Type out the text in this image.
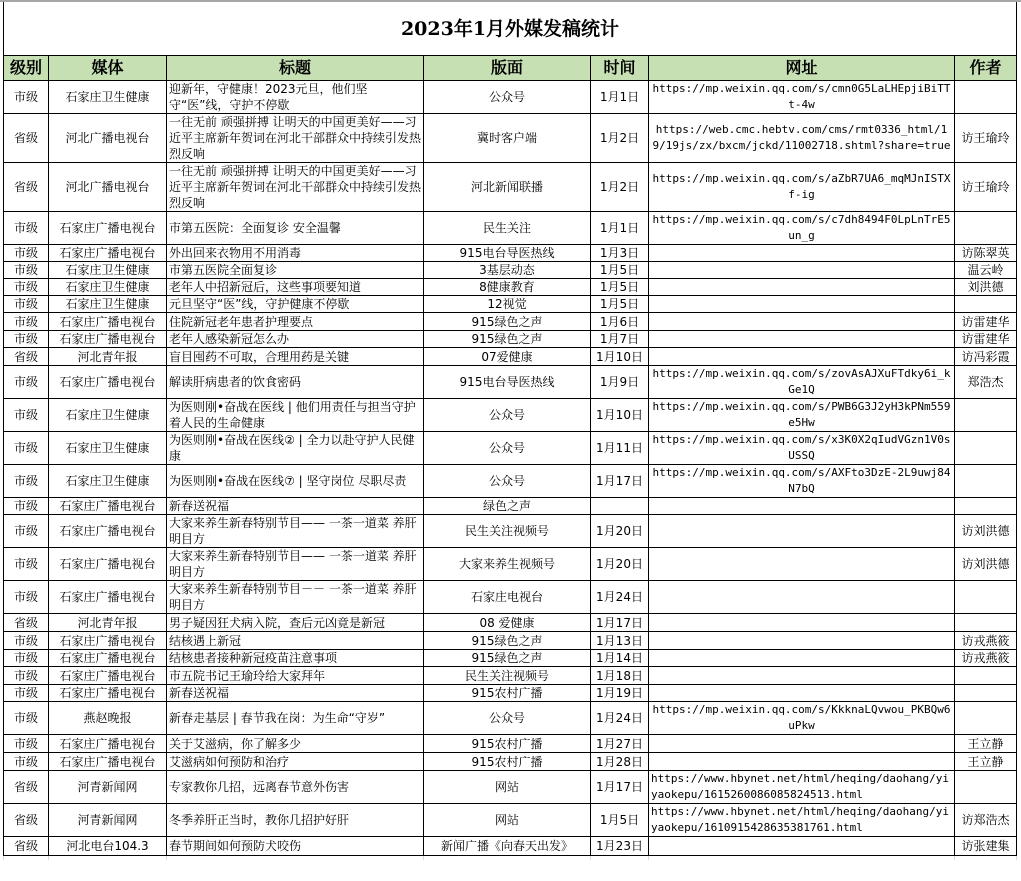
2023年1月外媒发稿统计						
级别	媒体	标题	版面	时间	网址	作者
市级	石家庄卫生健康	迎新年，守健康！2023元旦，他们坚守“医”线，守护不停歇	公众号	1月1日	https://mp.weixin.qq.com/s/cmn0G5LaLHEpjiBiTTt-4w	
省级	河北广播电视台	一往无前 顽强拼搏 让明天的中国更美好——习近平主席新年贺词在河北干部群众中持续引发热烈反响	冀时客户端	1月2日	https://web.cmc.hebtv.com/cms/rmt0336_html/19/19js/zx/bxcm/jckd/11002718.shtml?share=true	访王瑜玲
省级	河北广播电视台	一往无前 顽强拼搏 让明天的中国更美好——习近平主席新年贺词在河北干部群众中持续引发热烈反响	河北新闻联播	1月2日	https://mp.weixin.qq.com/s/aZbR7UA6_mqMJnISTXf-ig	访王瑜玲
市级	石家庄广播电视台	市第五医院：全面复诊 安全温馨	民生关注	1月1日	https://mp.weixin.qq.com/s/c7dh8494F0LpLnTrE5un_g	
市级	石家庄广播电视台	外出回来衣物用不用消毒	915电台导医热线	1月3日		访陈翠英
市级	石家庄卫生健康	市第五医院全面复诊	3基层动态	1月5日		温云岭
市级	石家庄卫生健康	老年人中招新冠后，这些事项要知道	8健康教育	1月5日		刘洪德
市级	石家庄卫生健康	元旦坚守“医”线，守护健康不停歇	12视觉	1月5日		
市级	石家庄广播电视台	住院新冠老年患者护理要点	915绿色之声	1月6日		访雷建华
市级	石家庄广播电视台	老年人感染新冠怎么办	915绿色之声	1月7日		访雷建华
省级	河北青年报	盲目囤药不可取，合理用药是关键	07爱健康	1月10日		访冯彩霞
市级	石家庄广播电视台	解读肝病患者的饮食密码	915电台导医热线	1月9日	https://mp.weixin.qq.com/s/zovAsAJXuFTdky6i_kGe1Q	郑浩杰
市级	石家庄卫生健康	为医则刚•奋战在医线 | 他们用责任与担当守护着人民的生命健康	公众号	1月10日	https://mp.weixin.qq.com/s/PWB6G3J2yH3kPNm559e5Hw	
市级	石家庄卫生健康	为医则刚•奋战在医线② | 全力以赴守护人民健康	公众号	1月11日	https://mp.weixin.qq.com/s/x3K0X2qIudVGzn1V0sUSSQ	
市级	石家庄卫生健康	为医则刚•奋战在医线⑦ | 坚守岗位 尽职尽责	公众号	1月17日	https://mp.weixin.qq.com/s/AXFto3DzE-2L9uwj84N7bQ	
市级	石家庄广播电视台	新春送祝福	绿色之声			
市级	石家庄广播电视台	大家来养生新春特别节目—— 一茶一道菜 养肝明目方	民生关注视频号	1月20日		访刘洪德
市级	石家庄广播电视台	大家来养生新春特别节目—— 一茶一道菜 养肝明目方	大家来养生视频号	1月20日		访刘洪德
市级	石家庄广播电视台	大家来养生新春特别节目－－ 一茶一道菜 养肝明目方	石家庄电视台	1月24日		
省级	河北青年报	男子疑因狂犬病入院，查后元凶竟是新冠	08 爱健康	1月17日		
市级	石家庄广播电视台	结核遇上新冠	915绿色之声	1月13日		访戎燕筱
市级	石家庄广播电视台	结核患者接种新冠疫苗注意事项	915绿色之声	1月14日		访戎燕筱
市级	石家庄广播电视台	市五院书记王瑜玲给大家拜年	民生关注视频号	1月18日		
市级	石家庄广播电视台	新春送祝福	915农村广播	1月19日		
市级	燕赵晚报	新春走基层 | 春节我在岗：为生命“守岁”	公众号	1月24日	https://mp.weixin.qq.com/s/KkknaLQvwou_PKBQw6uPkw	
市级	石家庄广播电视台	关于艾滋病，你了解多少	915农村广播	1月27日		王立静
市级	石家庄广播电视台	艾滋病如何预防和治疗	915农村广播	1月28日		王立静
省级	河青新闻网	专家教你几招，远离春节意外伤害	网站	1月17日	https://www.hbynet.net/html/heqing/daohang/yiyaokepu/1615260086085824513.html	
省级	河青新闻网	冬季养肝正当时，教你几招护好肝	网站	1月5日	https://www.hbynet.net/html/heqing/daohang/yiyaokepu/1610915428635381761.html	访郑浩杰
省级	河北电台104.3	春节期间如何预防犬咬伤	新闻广播《向春天出发》	1月23日		访张建集
